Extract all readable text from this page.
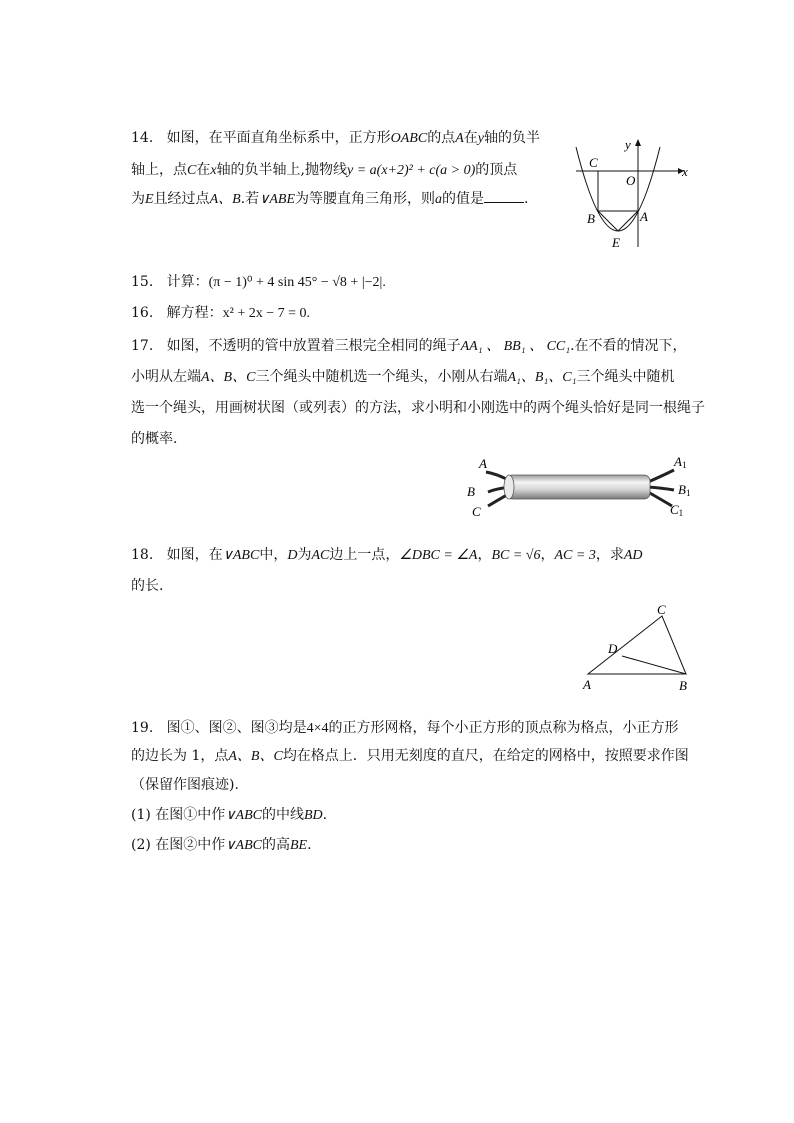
14. 如图，在平面直角坐标系中，正方形OABC的点A在y轴的负半
轴上，点C在x轴的负半轴上,抛物线y = a(x+2)² + c(a > 0)的顶点
为E且经过点A、B.若∨ABE为等腰直角三角形，则a的值是	.
y
x
C
O
B	A
E
15. 计算：(π − 1)⁰ + 4 sin 45° − √8 + |−2|.
16. 解方程：x² + 2x − 7 = 0.
17. 如图，不透明的管中放置着三根完全相同的绳子AA₁ 、 BB₁ 、 CC₁.在不看的情况下，
小明从左端A、B、C三个绳头中随机选一个绳头，小刚从右端A₁、B₁、C₁三个绳头中随机
选一个绳头，用画树状图（或列表）的方法，求小明和小刚选中的两个绳头恰好是同一根绳子
的概率.
A
B
C
A1
B1
C1
18. 如图，在∨ABC中，D为AC边上一点，∠DBC = ∠A，BC = √6，AC = 3，求AD
的长.
C
D
A	B
19. 图①、图②、图③均是4×4的正方形网格，每个小正方形的顶点称为格点，小正方形
的边长为 1，点A、B、C均在格点上．只用无刻度的直尺，在给定的网格中，按照要求作图
（保留作图痕迹).
(1) 在图①中作∨ABC的中线BD.
(2) 在图②中作∨ABC的高BE.
